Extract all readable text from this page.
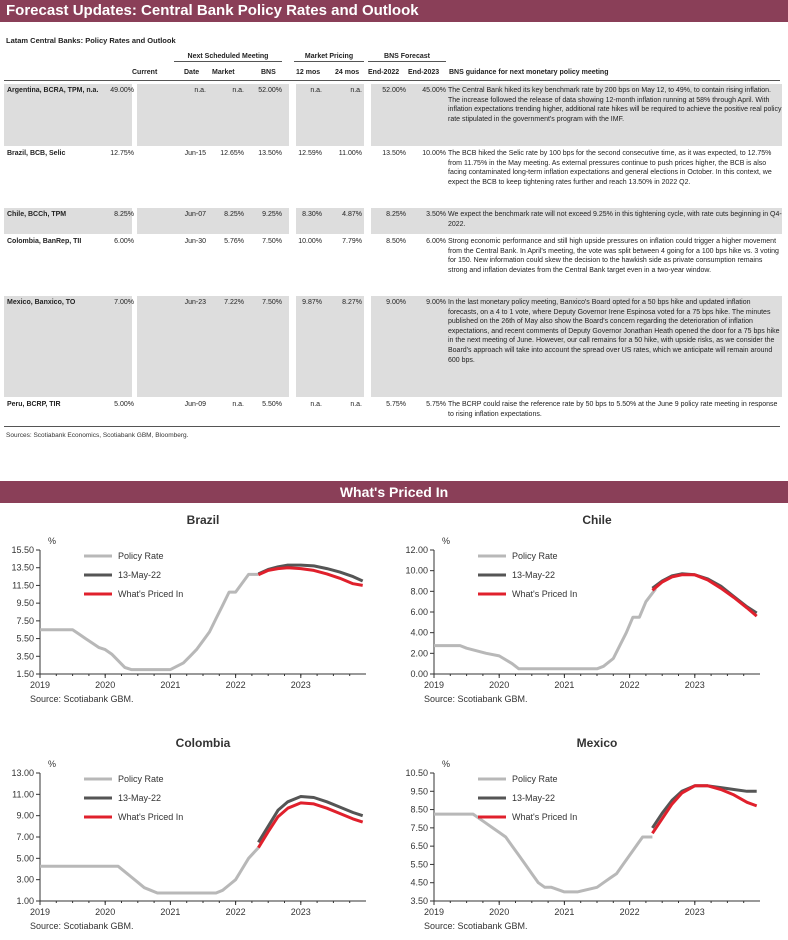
Forecast Updates: Central Bank Policy Rates and Outlook
Latam Central Banks: Policy Rates and Outlook
Next Scheduled Meeting	Market Pricing	BNS Forecast
Current	Date Market	BNS	12 mos 24 mos End-2022 End-2023 BNS guidance for next monetary policy meeting
Argentina, BCRA, TPM, n.a. 49.00%	n.a.	n.a. 52.00%	n.a.	n.a.	52.00% 45.00% The Central Bank hiked its key benchmark rate by 200 bps on May 12, to 49%, to contain rising inflation. The increase followed the release of data showing 12-month inflation running at 58% through April. With inflation expectations trending higher, additional rate hikes will be required to achieve the positive real policy rate stipulated in the government's program with the IMF.
Brazil, BCB, Selic	12.75%	Jun-15 12.65% 13.50% 12.59% 11.00%	13.50% 10.00% The BCB hiked the Selic rate by 100 bps for the second consecutive time, as it was expected, to 12.75% from 11.75% in the May meeting. As external pressures continue to push prices higher, the BCB is also facing contaminated long-term inflation expectations and general elections in October. In this context, we expect the BCB to keep tightening rates further and reach 13.50% in 2022 Q2.
Chile, BCCh, TPM	8.25%	Jun-07	8.25%	9.25%	8.30%	4.87%	8.25%	3.50% We expect the benchmark rate will not exceed 9.25% in this tightening cycle, with rate cuts beginning in Q4-2022.
Colombia, BanRep, TII	6.00%	Jun-30	5.76%	7.50% 10.00%	7.79%	8.50%	6.00% Strong economic performance and still high upside pressures on inflation could trigger a higher movement from the Central Bank. In April's meeting, the vote was split between 4 going for a 100 bps hike vs. 3 voting for 150. New information could skew the decision to the hawkish side as private consumption remains strong and inflation deviates from the Central Bank target even in a two-year window.
Mexico, Banxico, TO	7.00%	Jun-23	7.22%	7.50%	9.87%	8.27%	9.00%	9.00% In the last monetary policy meeting, Banxico's Board opted for a 50 bps hike and updated inflation forecasts, on a 4 to 1 vote, where Deputy Governor Irene Espinosa voted for a 75 bps hike. The minutes published on the 26th of May also show the Board's concern regarding the deterioration of inflation expectations, and recent comments of Deputy Governor Jonathan Heath opened the door for a 75 bps hike in the next meeting of June. However, our call remains for a 50 hike, with upside risks, as we consider the Board's approach will take into account the spread over US rates, which we anticipate will remain around 600 bps.
Peru, BCRP, TIR	5.00%	Jun-09	n.a.	5.50%	n.a.	n.a.	5.75%	5.75% The BCRP could raise the reference rate by 50 bps to 5.50% at the June 9 policy rate meeting in response to rising inflation expectations.
Sources: Scotiabank Economics, Scotiabank GBM, Bloomberg.
What's Priced In
Brazil
%
15.50
13.50
11.50
9.50
7.50
5.50
3.50
1.50
2019	2020	2021	2022	2023
Policy Rate
13-May-22
What's Priced In
Source: Scotiabank GBM.
Chile
%
12.00
10.00
8.00
6.00
4.00
2.00
0.00
2019	2020	2021	2022	2023
Policy Rate
13-May-22
What's Priced In
Source: Scotiabank GBM.
Colombia
%
13.00
11.00
9.00
7.00
5.00
3.00
1.00
2019	2020	2021	2022	2023
Policy Rate
13-May-22
What's Priced In
Source: Scotiabank GBM.
Mexico
%
10.50
9.50
8.50
7.50
6.50
5.50
4.50
3.50
2019	2020	2021	2022	2023
Policy Rate
13-May-22
What's Priced In
Source: Scotiabank GBM.
